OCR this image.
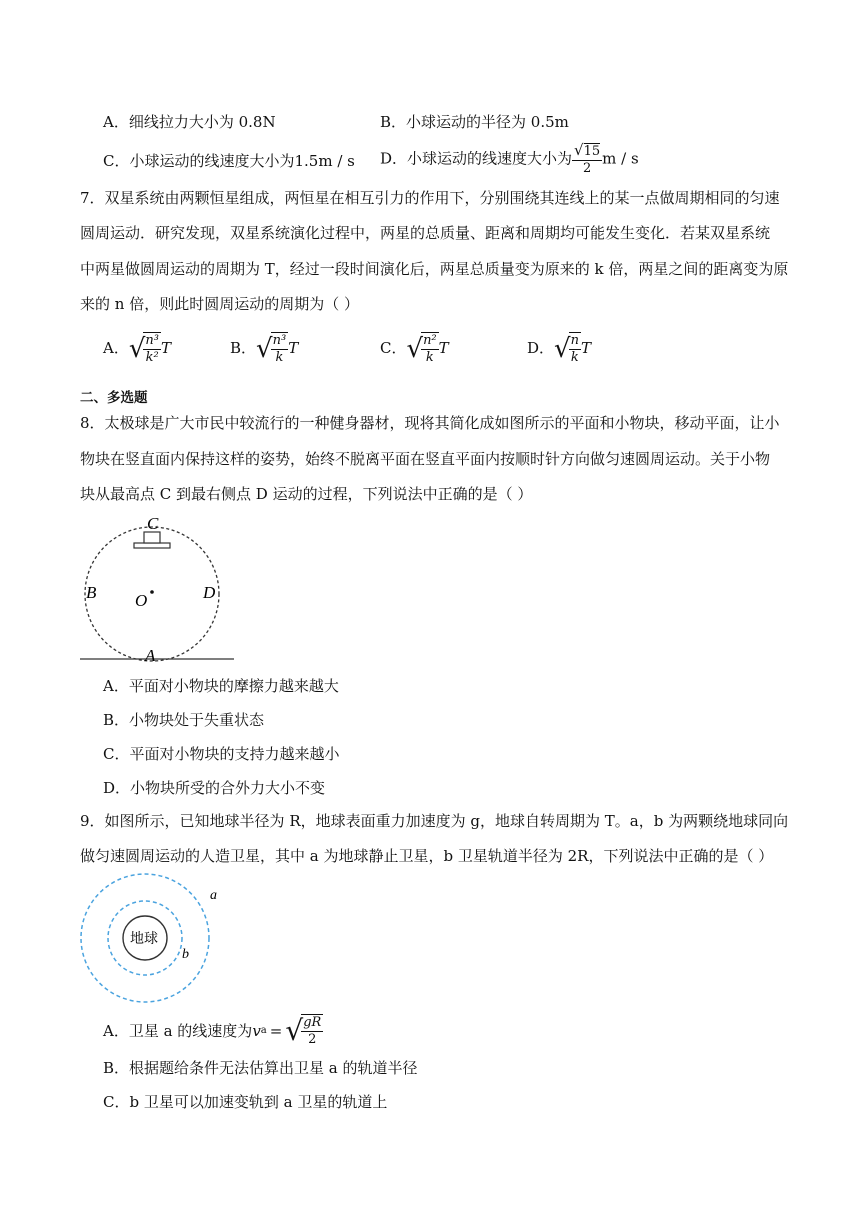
A．细线拉力大小为 0.8N	B．小球运动的半径为 0.5m
C．小球运动的线速度大小为1.5m / s D．小球运动的线速度大小为 $\frac{√15}{2}$ m / s
7．双星系统由两颗恒星组成，两恒星在相互引力的作用下，分别围绕其连线上的某一点做周期相同的匀速
圆周运动．研究发现，双星系统演化过程中，两星的总质量、距离和周期均可能发生变化．若某双星系统
中两星做圆周运动的周期为 T，经过一段时间演化后，两星总质量变为原来的 k 倍，两星之间的距离变为原
来的 n 倍，则此时圆周运动的周期为（ ）
A．√
$\frac{\text{n³}}{\text{k²}}$ T	B．√
$\frac{\text{n³}}{k}$ T	C．√
$\frac{\text{n²}}{k}$ T	D．√
$\frac{n}{k}$ T
二、多选题
8．太极球是广大市民中较流行的一种健身器材，现将其简化成如图所示的平面和小物块，移动平面，让小
物块在竖直面内保持这样的姿势，始终不脱离平面在竖直平面内按顺时针方向做匀速圆周运动。关于小物
块从最高点 C 到最右侧点 D 运动的过程，下列说法中正确的是（ ）
C
B O	D
A
A．平面对小物块的摩擦力越来越大
B．小物块处于失重状态
C．平面对小物块的支持力越来越小
D．小物块所受的合外力大小不变
9．如图所示，已知地球半径为 R，地球表面重力加速度为 g，地球自转周期为 T。a，b 为两颗绕地球同向
做匀速圆周运动的人造卫星，其中 a 为地球静止卫星，b 卫星轨道半径为 2R，下列说法中正确的是（ ）
地球
a
b
A．卫星 a 的线速度为 v a = √
$\frac{gR}{2}$
B．根据题给条件无法估算出卫星 a 的轨道半径
C．b 卫星可以加速变轨到 a 卫星的轨道上
